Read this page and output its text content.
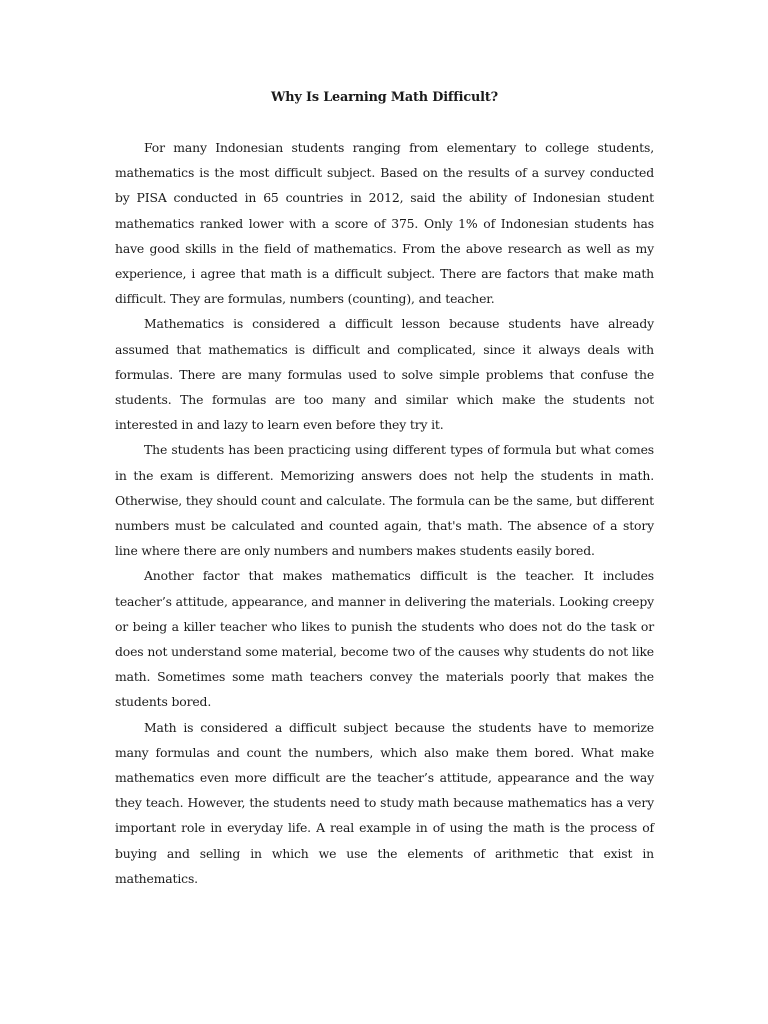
Why Is Learning Math Difficult?

For many Indonesian students ranging from elementary to college students, mathematics is the most difficult subject. Based on the results of a survey conducted by PISA conducted in 65 countries in 2012, said the ability of Indonesian student mathematics ranked lower with a score of 375. Only 1% of Indonesian students has have good skills in the field of mathematics. From the above research as well as my experience, i agree that math is a difficult subject. There are factors that make math difficult. They are formulas, numbers (counting), and teacher.

Mathematics is considered a difficult lesson because students have already assumed that mathematics is difficult and complicated, since it always deals with formulas. There are many formulas used to solve simple problems that confuse the students. The formulas are too many and similar which make the students not interested in and lazy to learn even before they try it.

The students has been practicing using different types of formula but what comes in the exam is different. Memorizing answers does not help the students in math. Otherwise, they should count and calculate. The formula can be the same, but different numbers must be calculated and counted again, that's math. The absence of a story line where there are only numbers and numbers makes students easily bored.

Another factor that makes mathematics difficult is the teacher. It includes teacher’s attitude, appearance, and manner in delivering the materials. Looking creepy or being a killer teacher who likes to punish the students who does not do the task or does not understand some material, become two of the causes why students do not like math. Sometimes some math teachers convey the materials poorly that makes the students bored.

Math is considered a difficult subject because the students have to memorize many formulas and count the numbers, which also make them bored. What make mathematics even more difficult are the teacher’s attitude, appearance and the way they teach. However, the students need to study math because mathematics has a very important role in everyday life. A real example in of using the math is the process of buying and selling in which we use the elements of arithmetic that exist in mathematics.
